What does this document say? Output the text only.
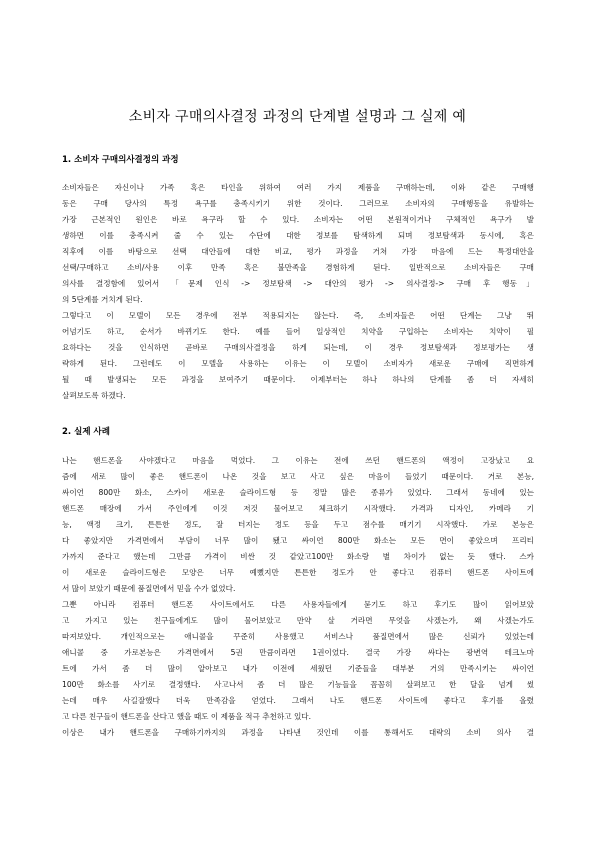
소비자 구매의사결정 과정의 단계별 설명과 그 실제 예
1. 소비자 구매의사결정의 과정
소비자들은 자신이나 가족 혹은 타인을 위하여 여러 가지 제품을 구매하는데, 이와 같은 구매행
동은 구매 당사의 특정 욕구를 충족시키기 위한 것이다. 그러므로 소비자의 구매행동을 유발하는
가장 근본적인 원인은 바로 욕구라 할 수 있다. 소비자는 어떤 본원적이거나 구체적인 욕구가 발
생하면 이를 충족시켜 줄 수 있는 수단에 대한 정보를 탐색하게 되며 정보탐색과 동시에, 혹은
직후에 이를 바탕으로 선택 대안들에 대한 비교, 평가 과정을 거쳐 가장 마음에 드는 특정대안을
선택/구매하고 소비/사용 이후 만족 혹은 불만족을 경험하게 된다. 일반적으로 소비자들은 구매
의사를 결정함에 있어서 「문제 인식 -> 정보탐색 -> 대안의 평가 -> 의사결정-> 구매 후 행동」
의 5단계를 거치게 된다.
그렇다고 이 모델이 모든 경우에 전부 적용되지는 않는다. 즉, 소비자들은 어떤 단계는 그냥 뛰
어넘기도 하고, 순서가 바뀌기도 한다. 예를 들어 일상적인 치약을 구입하는 소비자는 치약이 필
요하다는 것을 인식하면 곧바로 구매의사결정을 하게 되는데, 이 경우 정보탐색과 정보평가는 생
략하게 된다. 그런데도 이 모델을 사용하는 이유는 이 모델이 소비자가 새로운 구매에 직면하게
될 때 발생되는 모든 과정을 보여주기 때문이다. 이제부터는 하나 하나의 단계를 좀 더 자세히
살펴보도록 하겠다.
2. 실제 사례
나는 핸드폰을 사야겠다고 마음을 먹었다. 그 이유는 전에 쓰던 핸드폰의 액정이 고장났고 요
즘에 새로 많이 좋은 핸드폰이 나온 것을 보고 사고 싶은 마음이 들었기 때문이다. 거로 본능,
싸이언 800만 화소, 스카이 새로운 슬라이드형 등 정말 많은 종류가 있었다. 그래서 동네에 있는
핸드폰 매장에 가서 주인에게 이것 저것 물어보고 체크하기 시작했다. 가격과 디자인, 카메라 기
능, 액정 크기, 튼튼한 정도, 잘 터지는 정도 등을 두고 점수를 매기기 시작했다. 가로 본능은
다 좋았지만 가격면에서 부담이 너무 많이 됐고 싸이언 800만 화소는 모든 면이 좋았으며 프리티
가까지 준다고 했는데 그만큼 가격이 비싼 것 같았고100만 화소랑 별 차이가 없는 듯 했다. 스카
이 새로운 슬라이드형은 모양은 너무 예뻤지만 튼튼한 정도가 안 좋다고 컴퓨터 핸드폰 사이트에
서 많이 보았기 때문에 품질면에서 믿을 수가 없었다.
그뿐 아니라 컴퓨터 핸드폰 사이트에서도 다른 사용자들에게 묻기도 하고 후기도 많이 읽어보았
고 가지고 있는 친구들에게도 많이 물어보았고 만약 살 거라면 무엇을 사겠는가, 왜 사겠는가도
따져보았다. 개인적으로는 애니콜을 꾸준히 사용했고 서비스나 품질면에서 많은 신뢰가 있었는데
애니콜 중 가로본능은 가격면에서 5권 만큼이라면 1권이었다. 결국 가장 싸다는 광변역 테크노마
트에 가서 좀 더 많이 알아보고 내가 이전에 세웠던 기준들을 대부분 거의 만족시키는 싸이언
100만 화소를 사기로 결정했다. 사고나서 좀 더 많은 기능들을 꼼꼼히 살펴보고 한 달을 넘게 썼
는데 매우 사길잘했다 더욱 만족감을 얻었다. 그래서 나도 핸드폰 사이트에 좋다고 후기를 올렸
고 다른 친구들이 핸드폰을 산다고 했을 때도 이 제품을 적극 추천하고 있다.
이상은 내가 핸드폰을 구매하기까지의 과정을 나타낸 것인데 이를 통해서도 대략의 소비 의사 결
